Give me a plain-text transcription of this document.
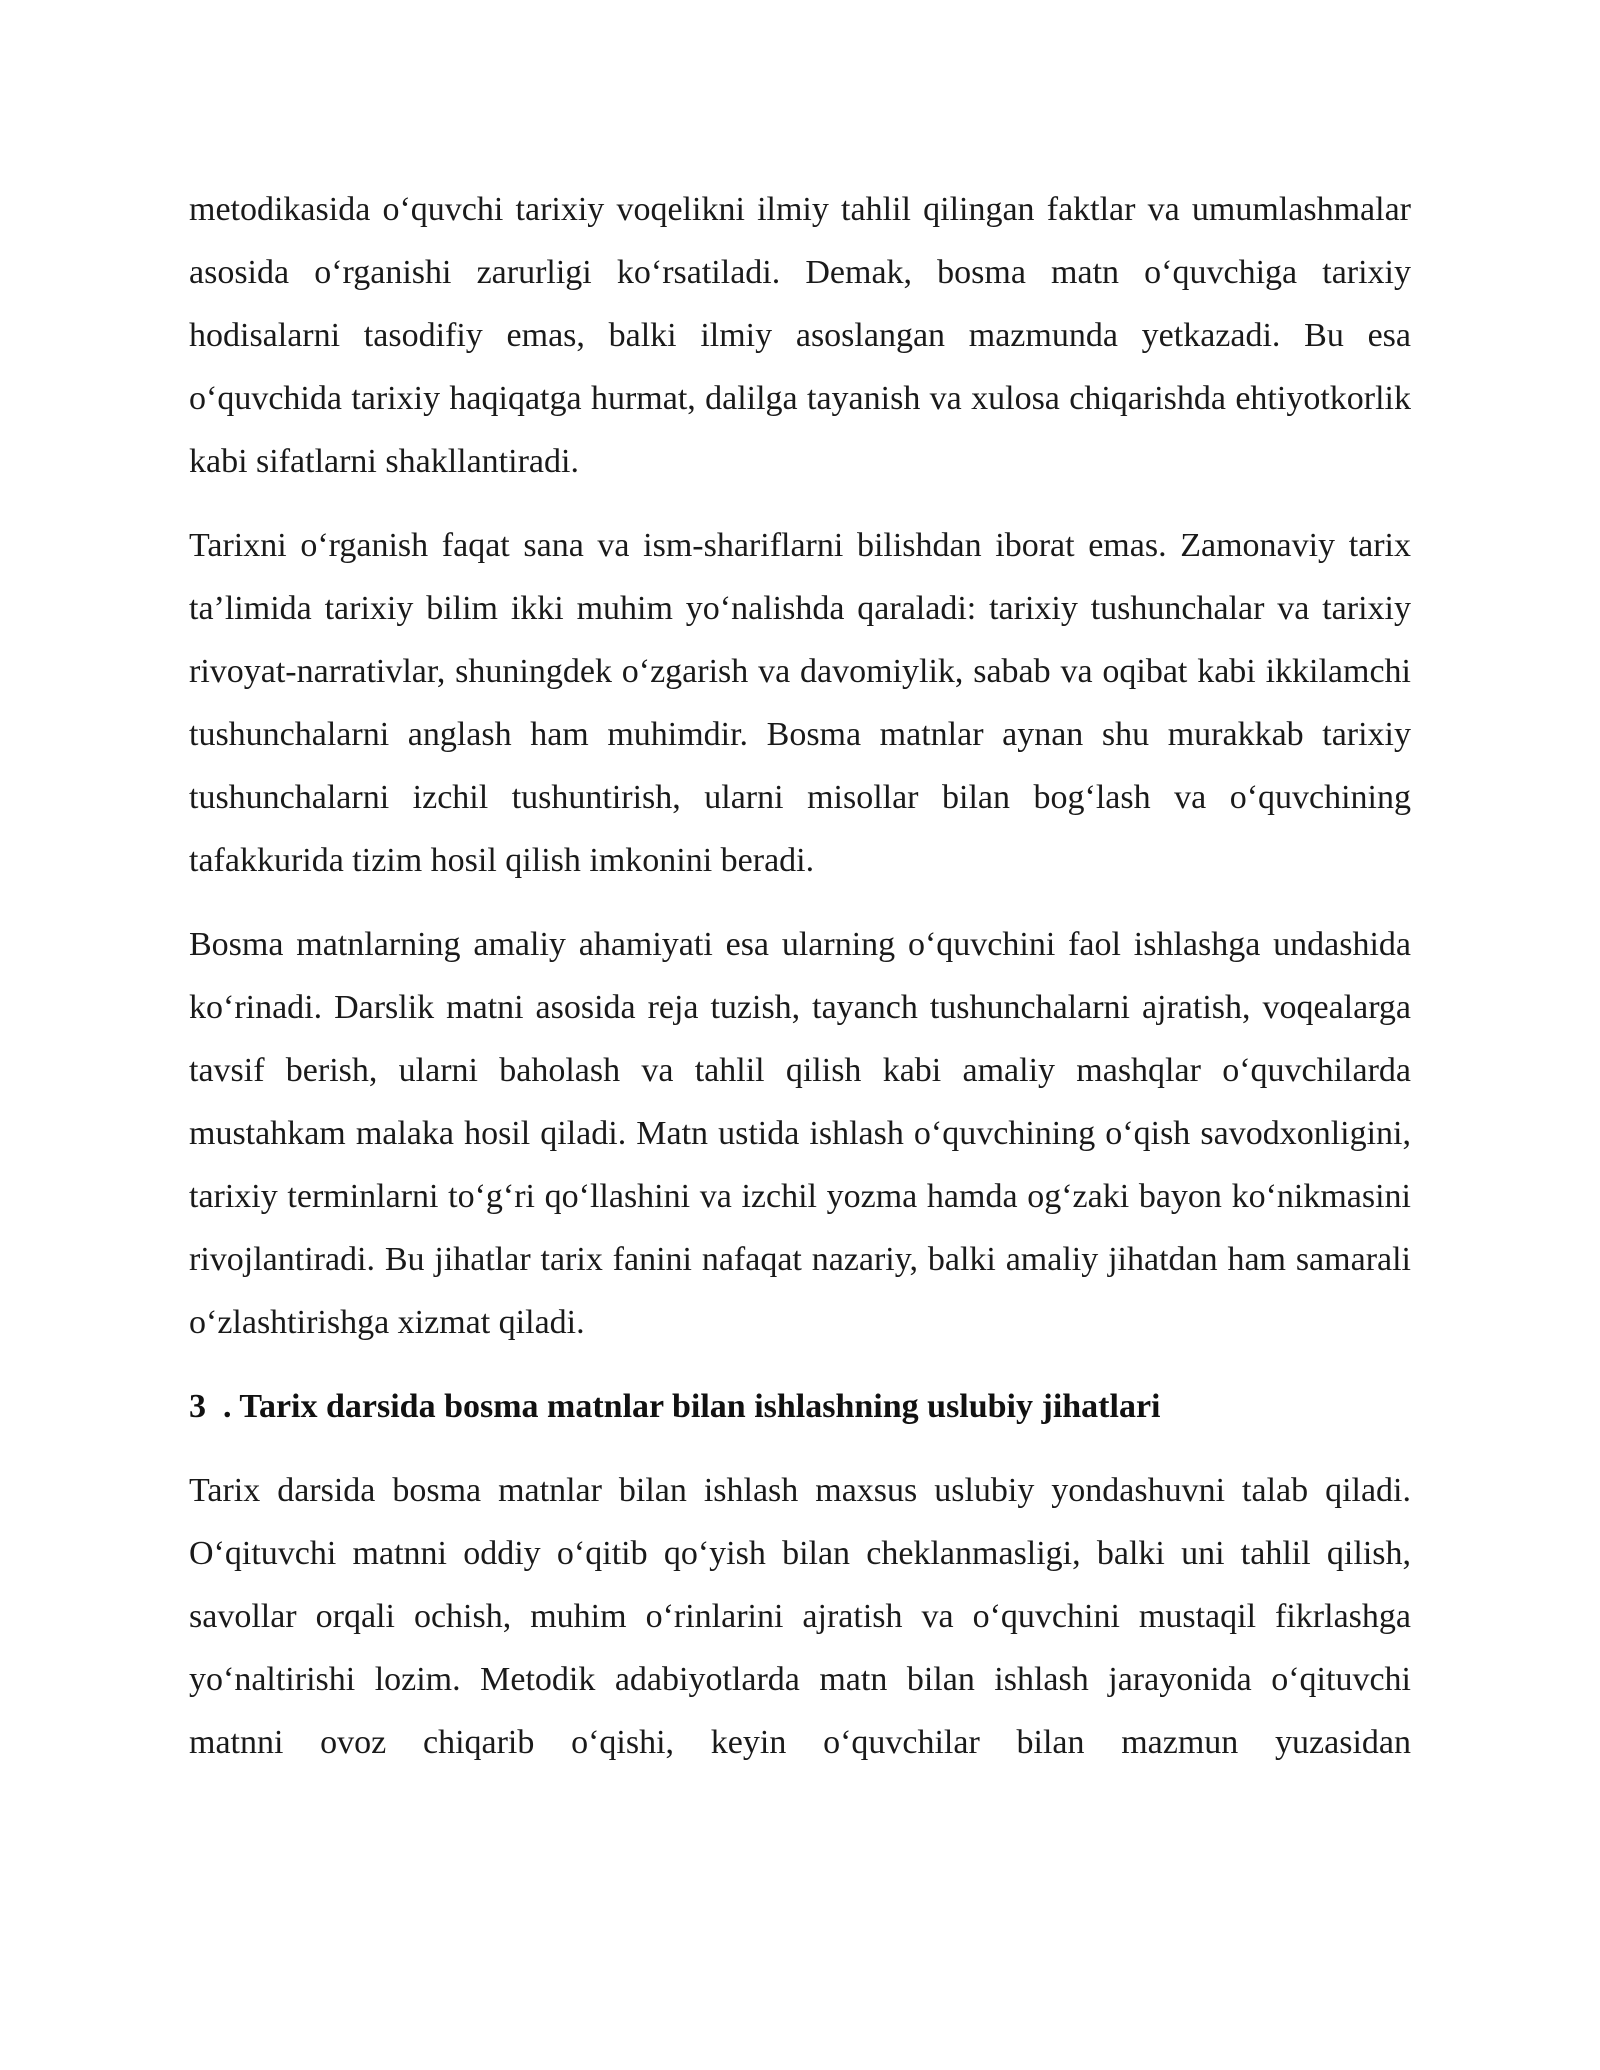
metodikasida o‘quvchi tarixiy voqelikni ilmiy tahlil qilingan faktlar va umumlashmalar asosida o‘rganishi zarurligi ko‘rsatiladi. Demak, bosma matn o‘quvchiga tarixiy hodisalarni tasodifiy emas, balki ilmiy asoslangan mazmunda yetkazadi. Bu esa o‘quvchida tarixiy haqiqatga hurmat, dalilga tayanish va xulosa chiqarishda ehtiyotkorlik kabi sifatlarni shakllantiradi.

Tarixni o‘rganish faqat sana va ism-shariflarni bilishdan iborat emas. Zamonaviy tarix ta’limida tarixiy bilim ikki muhim yo‘nalishda qaraladi: tarixiy tushunchalar va tarixiy rivoyat-narrativlar, shuningdek o‘zgarish va davomiylik, sabab va oqibat kabi ikkilamchi tushunchalarni anglash ham muhimdir. Bosma matnlar aynan shu murakkab tarixiy tushunchalarni izchil tushuntirish, ularni misollar bilan bog‘lash va o‘quvchining tafakkurida tizim hosil qilish imkonini beradi.

Bosma matnlarning amaliy ahamiyati esa ularning o‘quvchini faol ishlashga undashida ko‘rinadi. Darslik matni asosida reja tuzish, tayanch tushunchalarni ajratish, voqealarga tavsif berish, ularni baholash va tahlil qilish kabi amaliy mashqlar o‘quvchilarda mustahkam malaka hosil qiladi. Matn ustida ishlash o‘quvchining o‘qish savodxonligini, tarixiy terminlarni to‘g‘ri qo‘llashini va izchil yozma hamda og‘zaki bayon ko‘nikmasini rivojlantiradi. Bu jihatlar tarix fanini nafaqat nazariy, balki amaliy jihatdan ham samarali o‘zlashtirishga xizmat qiladi.

3  . Tarix darsida bosma matnlar bilan ishlashning uslubiy jihatlari

Tarix darsida bosma matnlar bilan ishlash maxsus uslubiy yondashuvni talab qiladi. O‘qituvchi matnni oddiy o‘qitib qo‘yish bilan cheklanmasligi, balki uni tahlil qilish, savollar orqali ochish, muhim o‘rinlarini ajratish va o‘quvchini mustaqil fikrlashga yo‘naltirishi lozim. Metodik adabiyotlarda matn bilan ishlash jarayonida o‘qituvchi matnni ovoz chiqarib o‘qishi, keyin o‘quvchilar bilan mazmun yuzasidan
